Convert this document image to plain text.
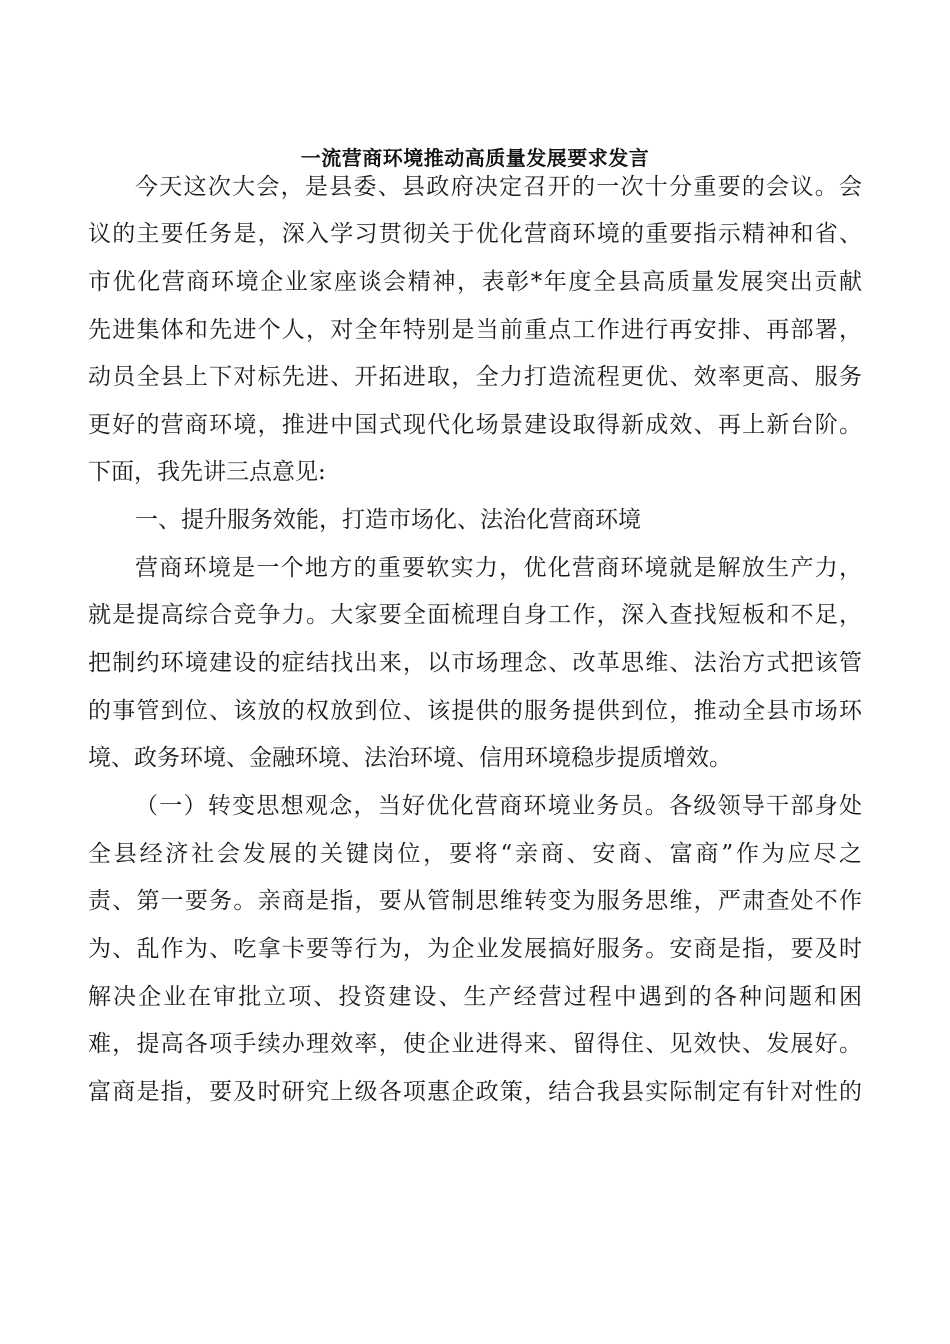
一流营商环境推动高质量发展要求发言
今天这次大会，是县委、县政府决定召开的一次十分重要的会议。会
议的主要任务是，深入学习贯彻关于优化营商环境的重要指示精神和省、
市优化营商环境企业家座谈会精神，表彰*年度全县高质量发展突出贡献
先进集体和先进个人，对全年特别是当前重点工作进行再安排、再部署，
动员全县上下对标先进、开拓进取，全力打造流程更优、效率更高、服务
更好的营商环境，推进中国式现代化场景建设取得新成效、再上新台阶。
下面，我先讲三点意见:
一、提升服务效能，打造市场化、法治化营商环境
营商环境是一个地方的重要软实力，优化营商环境就是解放生产力，
就是提高综合竞争力。大家要全面梳理自身工作，深入查找短板和不足，
把制约环境建设的症结找出来，以市场理念、改革思维、法治方式把该管
的事管到位、该放的权放到位、该提供的服务提供到位，推动全县市场环
境、政务环境、金融环境、法治环境、信用环境稳步提质增效。
（一）转变思想观念，当好优化营商环境业务员。各级领导干部身处
全县经济社会发展的关键岗位，要将“亲商、安商、富商”作为应尽之
责、第一要务。亲商是指，要从管制思维转变为服务思维，严肃查处不作
为、乱作为、吃拿卡要等行为，为企业发展搞好服务。安商是指，要及时
解决企业在审批立项、投资建设、生产经营过程中遇到的各种问题和困
难，提高各项手续办理效率，使企业进得来、留得住、见效快、发展好。
富商是指，要及时研究上级各项惠企政策，结合我县实际制定有针对性的
